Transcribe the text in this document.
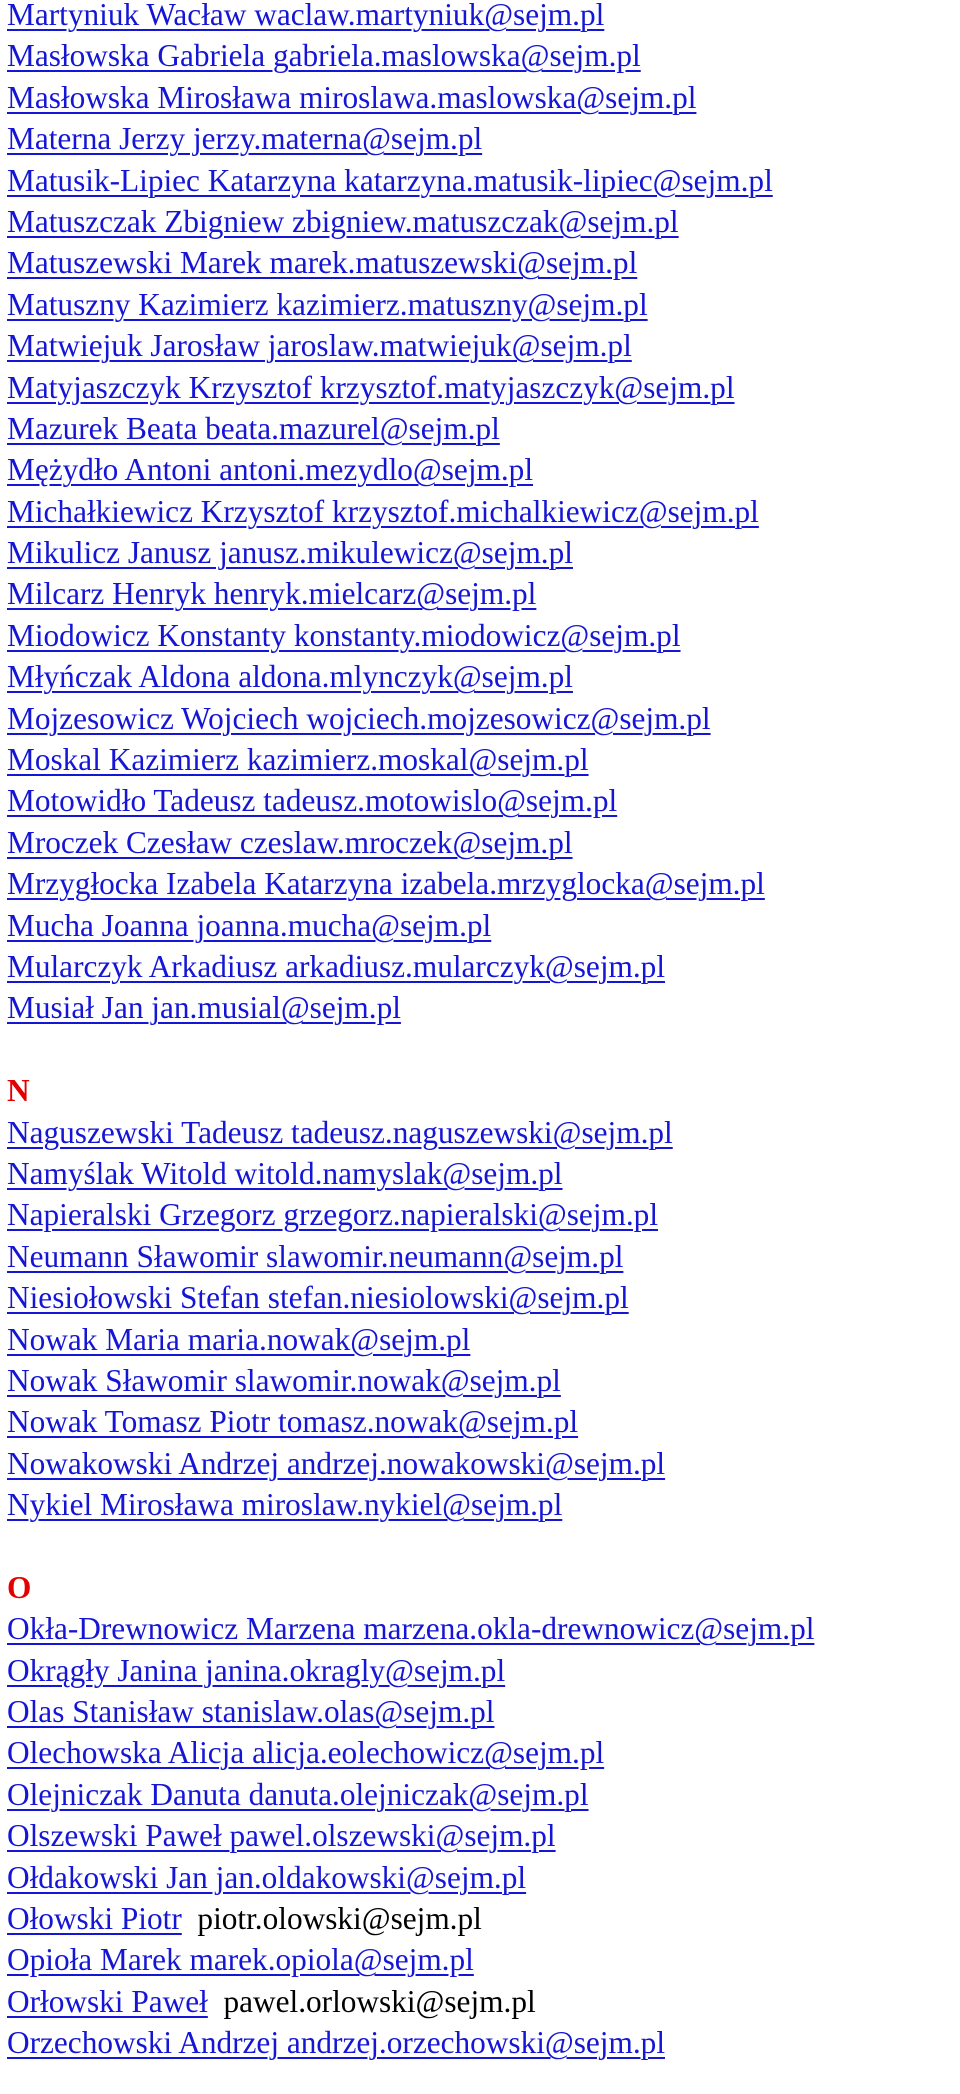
Martyniuk Wacław waclaw.martyniuk@sejm.pl
Masłowska Gabriela gabriela.maslowska@sejm.pl
Masłowska Mirosława miroslawa.maslowska@sejm.pl
Materna Jerzy jerzy.materna@sejm.pl
Matusik-Lipiec Katarzyna katarzyna.matusik-lipiec@sejm.pl
Matuszczak Zbigniew zbigniew.matuszczak@sejm.pl
Matuszewski Marek marek.matuszewski@sejm.pl
Matuszny Kazimierz kazimierz.matuszny@sejm.pl
Matwiejuk Jarosław jaroslaw.matwiejuk@sejm.pl
Matyjaszczyk Krzysztof krzysztof.matyjaszczyk@sejm.pl
Mazurek Beata beata.mazurel@sejm.pl
Mężydło Antoni antoni.mezydlo@sejm.pl
Michałkiewicz Krzysztof krzysztof.michalkiewicz@sejm.pl
Mikulicz Janusz janusz.mikulewicz@sejm.pl
Milcarz Henryk henryk.mielcarz@sejm.pl
Miodowicz Konstanty konstanty.miodowicz@sejm.pl
Młyńczak Aldona aldona.mlynczyk@sejm.pl
Mojzesowicz Wojciech wojciech.mojzesowicz@sejm.pl
Moskal Kazimierz kazimierz.moskal@sejm.pl
Motowidło Tadeusz tadeusz.motowislo@sejm.pl
Mroczek Czesław czeslaw.mroczek@sejm.pl
Mrzygłocka Izabela Katarzyna izabela.mrzyglocka@sejm.pl
Mucha Joanna joanna.mucha@sejm.pl
Mularczyk Arkadiusz arkadiusz.mularczyk@sejm.pl
Musiał Jan jan.musial@sejm.pl
N
Naguszewski Tadeusz tadeusz.naguszewski@sejm.pl
Namyślak Witold witold.namyslak@sejm.pl
Napieralski Grzegorz grzegorz.napieralski@sejm.pl
Neumann Sławomir slawomir.neumann@sejm.pl
Niesiołowski Stefan stefan.niesiolowski@sejm.pl
Nowak Maria maria.nowak@sejm.pl
Nowak Sławomir slawomir.nowak@sejm.pl
Nowak Tomasz Piotr tomasz.nowak@sejm.pl
Nowakowski Andrzej andrzej.nowakowski@sejm.pl
Nykiel Mirosława miroslaw.nykiel@sejm.pl
O
Okła-Drewnowicz Marzena marzena.okla-drewnowicz@sejm.pl
Okrągły Janina janina.okragly@sejm.pl
Olas Stanisław stanislaw.olas@sejm.pl
Olechowska Alicja alicja.eolechowicz@sejm.pl
Olejniczak Danuta danuta.olejniczak@sejm.pl
Olszewski Paweł pawel.olszewski@sejm.pl
Ołdakowski Jan jan.oldakowski@sejm.pl
Ołowski Piotr piotr.olowski@sejm.pl
Opioła Marek marek.opiola@sejm.pl
Orłowski Paweł pawel.orlowski@sejm.pl
Orzechowski Andrzej andrzej.orzechowski@sejm.pl
